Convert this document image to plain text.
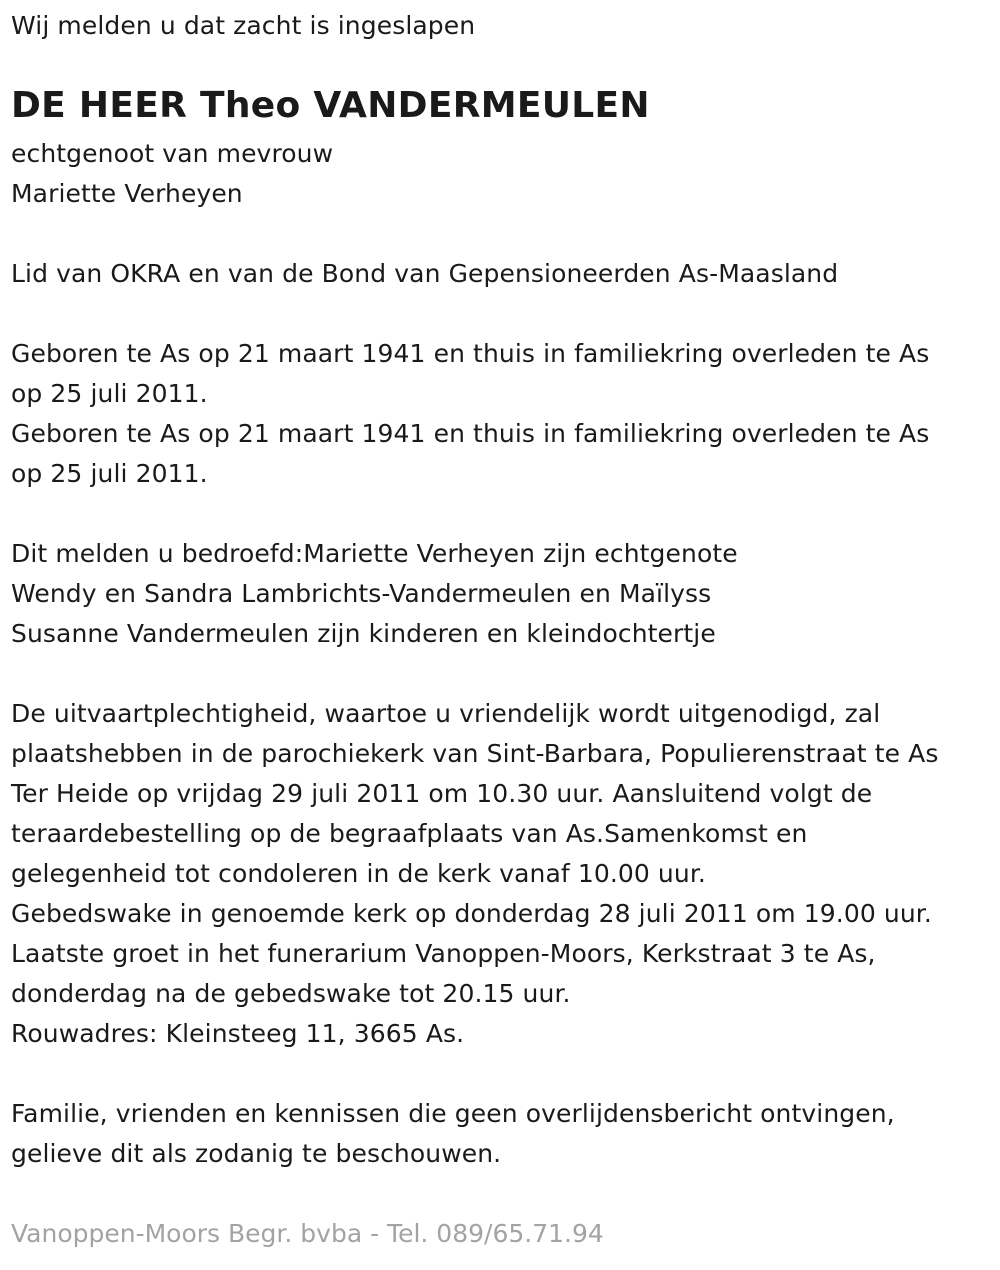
Wij melden u dat zacht is ingeslapen
DE HEER Theo VANDERMEULEN
echtgenoot van mevrouw
Mariette Verheyen
Lid van OKRA en van de Bond van Gepensioneerden As-Maasland
Geboren te As op 21 maart 1941 en thuis in familiekring overleden te As
op 25 juli 2011.
Geboren te As op 21 maart 1941 en thuis in familiekring overleden te As
op 25 juli 2011.
Dit melden u bedroefd:Mariette Verheyen zijn echtgenote
Wendy en Sandra Lambrichts-Vandermeulen en Maïlyss
Susanne Vandermeulen zijn kinderen en kleindochtertje
De uitvaartplechtigheid, waartoe u vriendelijk wordt uitgenodigd, zal
plaatshebben in de parochiekerk van Sint-Barbara, Populierenstraat te As
Ter Heide op vrijdag 29 juli 2011 om 10.30 uur. Aansluitend volgt de
teraardebestelling op de begraafplaats van As.Samenkomst en
gelegenheid tot condoleren in de kerk vanaf 10.00 uur.
Gebedswake in genoemde kerk op donderdag 28 juli 2011 om 19.00 uur.
Laatste groet in het funerarium Vanoppen-Moors, Kerkstraat 3 te As,
donderdag na de gebedswake tot 20.15 uur.
Rouwadres: Kleinsteeg 11, 3665 As.
Familie, vrienden en kennissen die geen overlijdensbericht ontvingen,
gelieve dit als zodanig te beschouwen.
Vanoppen-Moors Begr. bvba - Tel. 089/65.71.94
